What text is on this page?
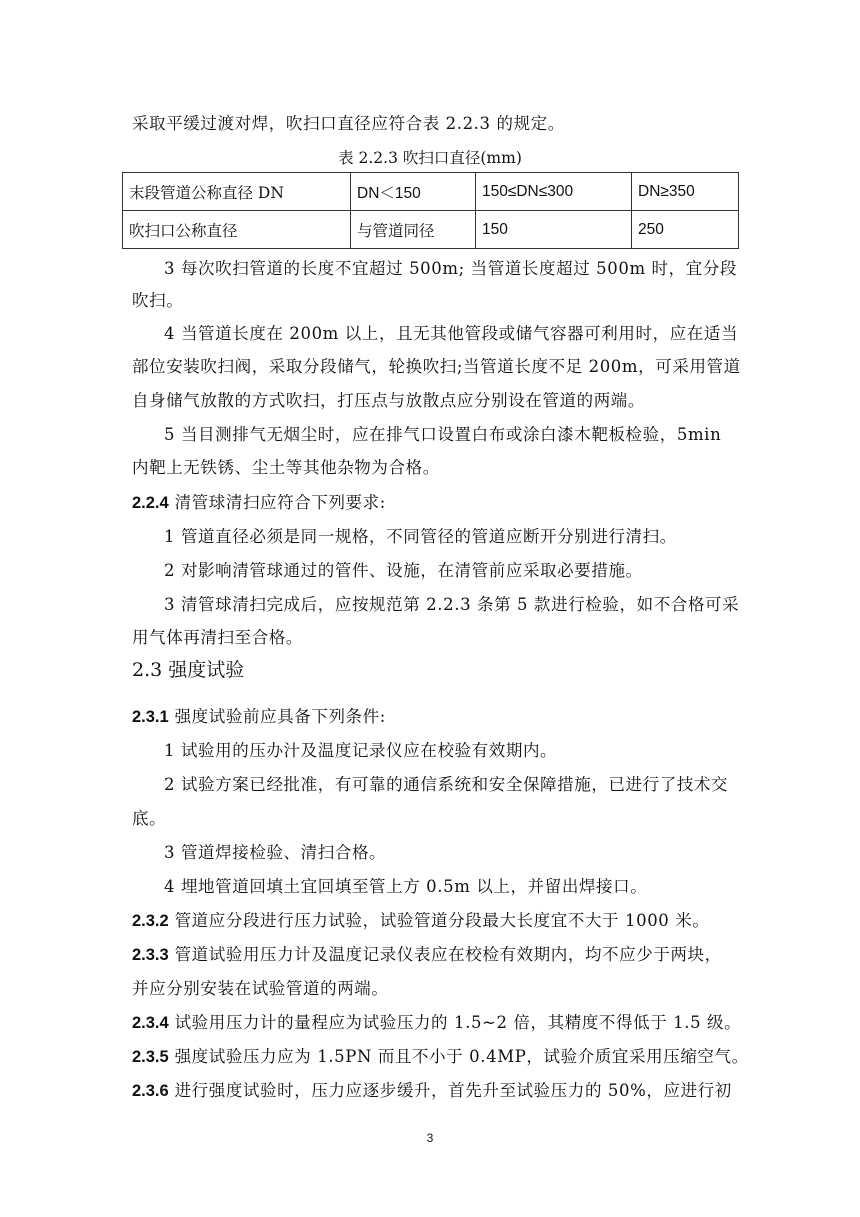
采取平缓过渡对焊，吹扫口直径应符合表 2.2.3 的规定。
表 2.2.3 吹扫口直径(mm)
末段管道公称直径 DN	DN＜150	150≤DN≤300	DN≥350
吹扫口公称直径	与管道同径	150	250
3 每次吹扫管道的长度不宜超过 500m; 当管道长度超过 500m 时，宜分段
吹扫。
4 当管道长度在 200m 以上，且无其他管段或储气容器可利用时，应在适当
部位安装吹扫阀，采取分段储气，轮换吹扫;当管道长度不足 200m，可采用管道
自身储气放散的方式吹扫，打压点与放散点应分别设在管道的两端。
5 当目测排气无烟尘时，应在排气口设置白布或涂白漆木靶板检验，5min
内靶上无铁锈、尘土等其他杂物为合格。
2.2.4 清管球清扫应符合下列要求:
1 管道直径必须是同一规格，不同管径的管道应断开分别进行清扫。
2 对影响清管球通过的管件、设施，在清管前应采取必要措施。
3 清管球清扫完成后，应按规范第 2.2.3 条第 5 款进行检验，如不合格可采
用气体再清扫至合格。
2.3 强度试验
2.3.1 强度试验前应具备下列条件:
1 试验用的压办汁及温度记录仪应在校验有效期内。
2 试验方案已经批准，有可靠的通信系统和安全保障措施，已进行了技术交
底。
3 管道焊接检验、清扫合格。
4 埋地管道回填土宜回填至管上方 0.5m 以上，并留出焊接口。
2.3.2 管道应分段进行压力试验，试验管道分段最大长度宜不大于 1000 米。
2.3.3 管道试验用压力计及温度记录仪表应在校检有效期内，均不应少于两块，
并应分别安装在试验管道的两端。
2.3.4 试验用压力计的量程应为试验压力的 1.5~2 倍，其精度不得低于 1.5 级。
2.3.5 强度试验压力应为 1.5PN 而且不小于 0.4MP，试验介质宜采用压缩空气。
2.3.6 进行强度试验时，压力应逐步缓升，首先升至试验压力的 50%，应进行初
3
